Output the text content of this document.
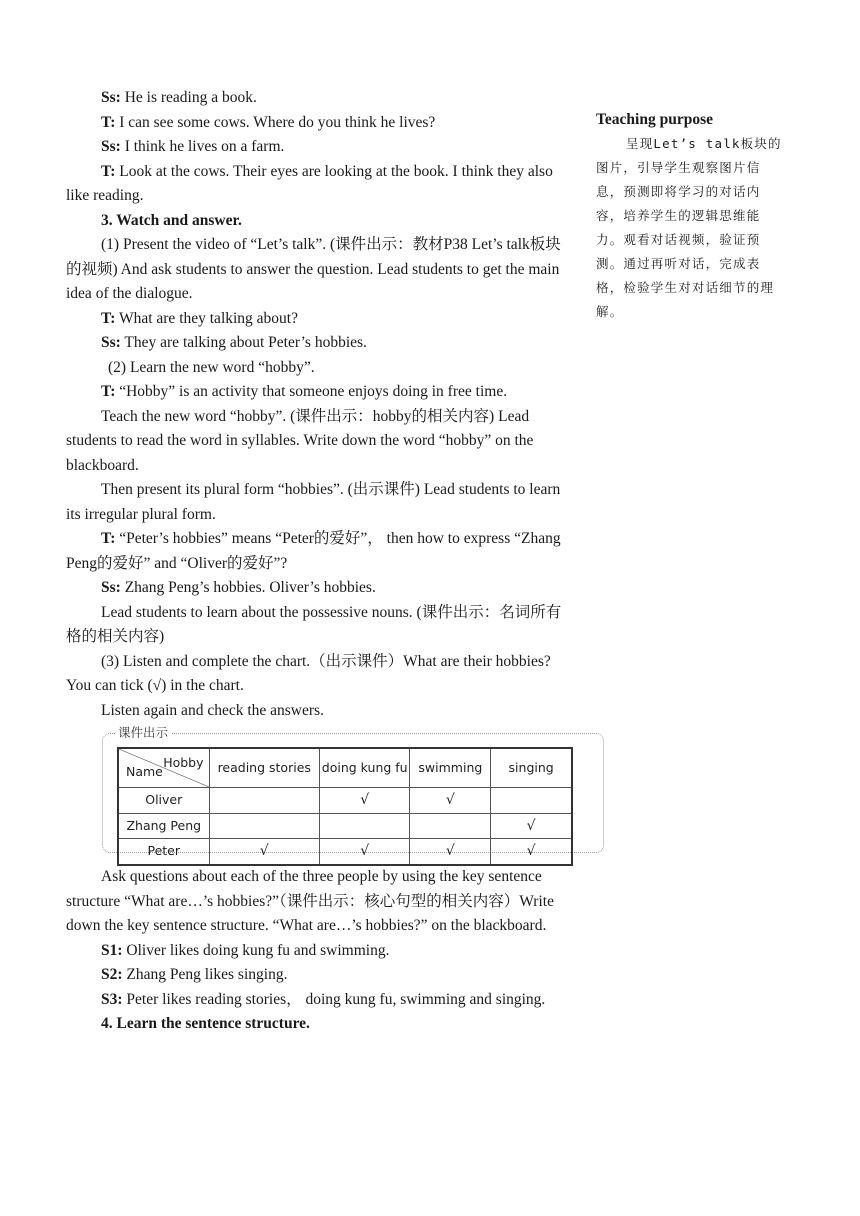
Ss: He is reading a book.

T: I can see some cows. Where do you think he lives?

Ss: I think he lives on a farm.

T: Look at the cows. Their eyes are looking at the book. I think they also like reading.

3. Watch and answer.

(1) Present the video of “Let’s talk”. (课件出示：教材P38 Let’s talk板块的视频) And ask students to answer the question. Lead students to get the main idea of the dialogue.

T: What are they talking about?

Ss: They are talking about Peter’s hobbies.

(2) Learn the new word “hobby”.

T: “Hobby” is an activity that someone enjoys doing in free time.

Teach the new word “hobby”. (课件出示：hobby的相关内容) Lead students to read the word in syllables. Write down the word “hobby” on the blackboard.

Then present its plural form “hobbies”. (出示课件) Lead students to learn its irregular plural form.

T: “Peter’s hobbies” means “Peter的爱好”， then how to express “Zhang Peng的爱好” and “Oliver的爱好”?

Ss: Zhang Peng’s hobbies. Oliver’s hobbies.

Lead students to learn about the possessive nouns. (课件出示：名词所有格的相关内容)

(3) Listen and complete the chart.（出示课件）What are their hobbies? You can tick (√) in the chart.

Listen again and check the answers.

课件出示
Hobby
Name	reading stories	doing kung fu	swimming	singing
Oliver		√	√	
Zhang Peng				√
Peter	√	√	√	√

Ask questions about each of the three people by using the key sentence structure “What are…’s hobbies?”（课件出示：核心句型的相关内容）Write down the key sentence structure. “What are…’s hobbies?” on the blackboard.

S1: Oliver likes doing kung fu and swimming.

S2: Zhang Peng likes singing.

S3: Peter likes reading stories， doing kung fu, swimming and singing.

4. Learn the sentence structure.

Teaching purpose

呈现Let’s talk板块的图片，引导学生观察图片信息，预测即将学习的对话内容，培养学生的逻辑思维能力。观看对话视频，验证预测。通过再听对话，完成表格，检验学生对对话细节的理解。
